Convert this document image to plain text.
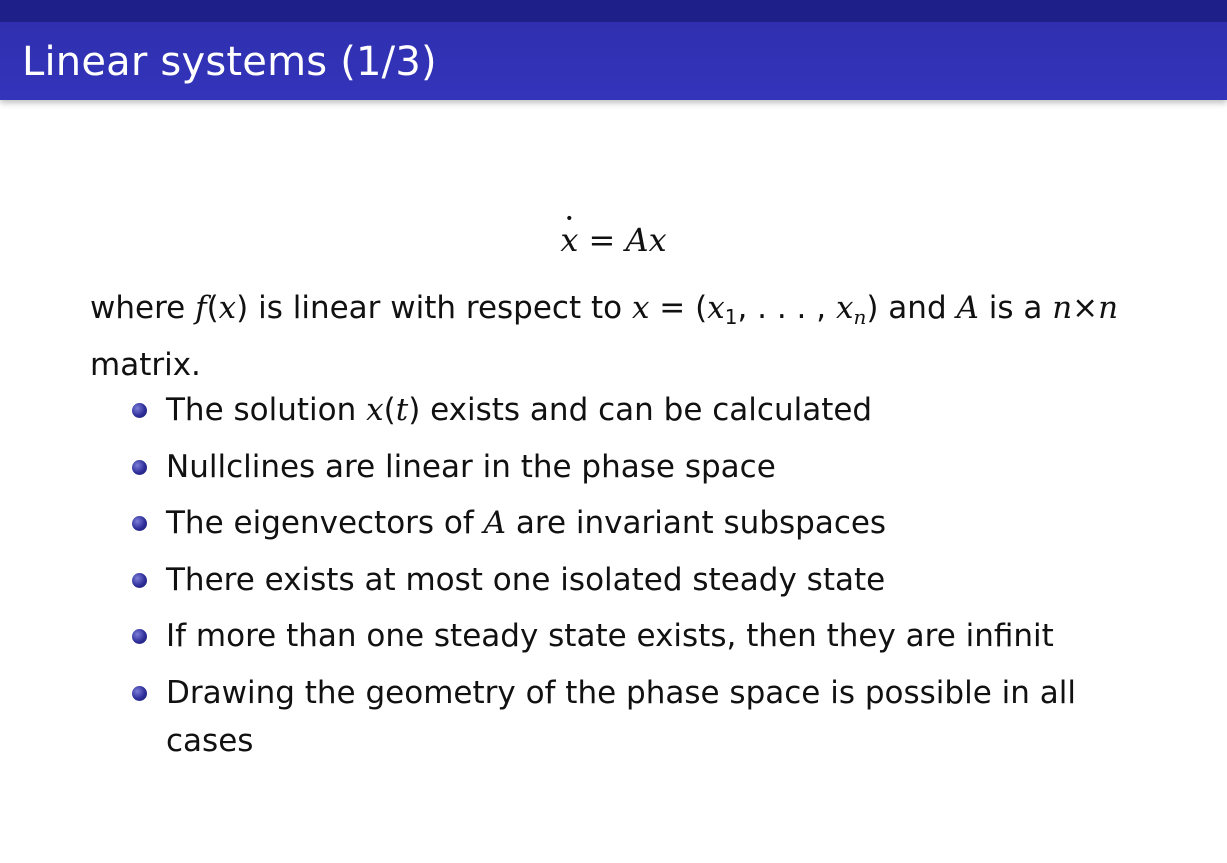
Linear systems (1/3)
· x = Ax
where f(x) is linear with respect to $x = (x_1$, . . . , $x_n$) and A is a n×n matrix.
The solution x(t) exists and can be calculated
Nullclines are linear in the phase space
The eigenvectors of A are invariant subspaces
There exists at most one isolated steady state
If more than one steady state exists, then they are infinit
Drawing the geometry of the phase space is possible in all cases
